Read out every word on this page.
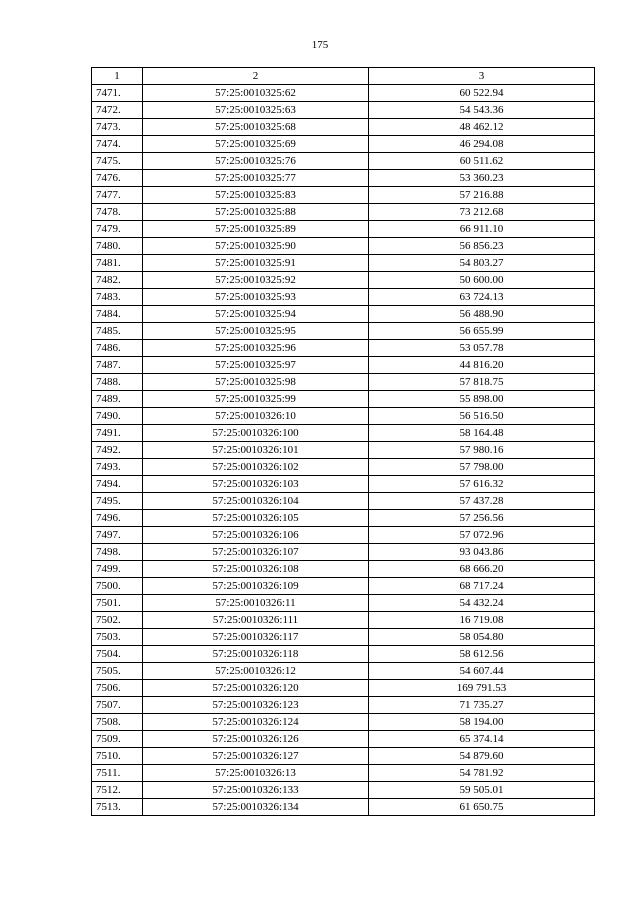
175
1	2	3
7471.	57:25:0010325:62	60 522.94
7472.	57:25:0010325:63	54 543.36
7473.	57:25:0010325:68	48 462.12
7474.	57:25:0010325:69	46 294.08
7475.	57:25:0010325:76	60 511.62
7476.	57:25:0010325:77	53 360.23
7477.	57:25:0010325:83	57 216.88
7478.	57:25:0010325:88	73 212.68
7479.	57:25:0010325:89	66 911.10
7480.	57:25:0010325:90	56 856.23
7481.	57:25:0010325:91	54 803.27
7482.	57:25:0010325:92	50 600.00
7483.	57:25:0010325:93	63 724.13
7484.	57:25:0010325:94	56 488.90
7485.	57:25:0010325:95	56 655.99
7486.	57:25:0010325:96	53 057.78
7487.	57:25:0010325:97	44 816.20
7488.	57:25:0010325:98	57 818.75
7489.	57:25:0010325:99	55 898.00
7490.	57:25:0010326:10	56 516.50
7491.	57:25:0010326:100	58 164.48
7492.	57:25:0010326:101	57 980.16
7493.	57:25:0010326:102	57 798.00
7494.	57:25:0010326:103	57 616.32
7495.	57:25:0010326:104	57 437.28
7496.	57:25:0010326:105	57 256.56
7497.	57:25:0010326:106	57 072.96
7498.	57:25:0010326:107	93 043.86
7499.	57:25:0010326:108	68 666.20
7500.	57:25:0010326:109	68 717.24
7501.	57:25:0010326:11	54 432.24
7502.	57:25:0010326:111	16 719.08
7503.	57:25:0010326:117	58 054.80
7504.	57:25:0010326:118	58 612.56
7505.	57:25:0010326:12	54 607.44
7506.	57:25:0010326:120	169 791.53
7507.	57:25:0010326:123	71 735.27
7508.	57:25:0010326:124	58 194.00
7509.	57:25:0010326:126	65 374.14
7510.	57:25:0010326:127	54 879.60
7511.	57:25:0010326:13	54 781.92
7512.	57:25:0010326:133	59 505.01
7513.	57:25:0010326:134	61 650.75
